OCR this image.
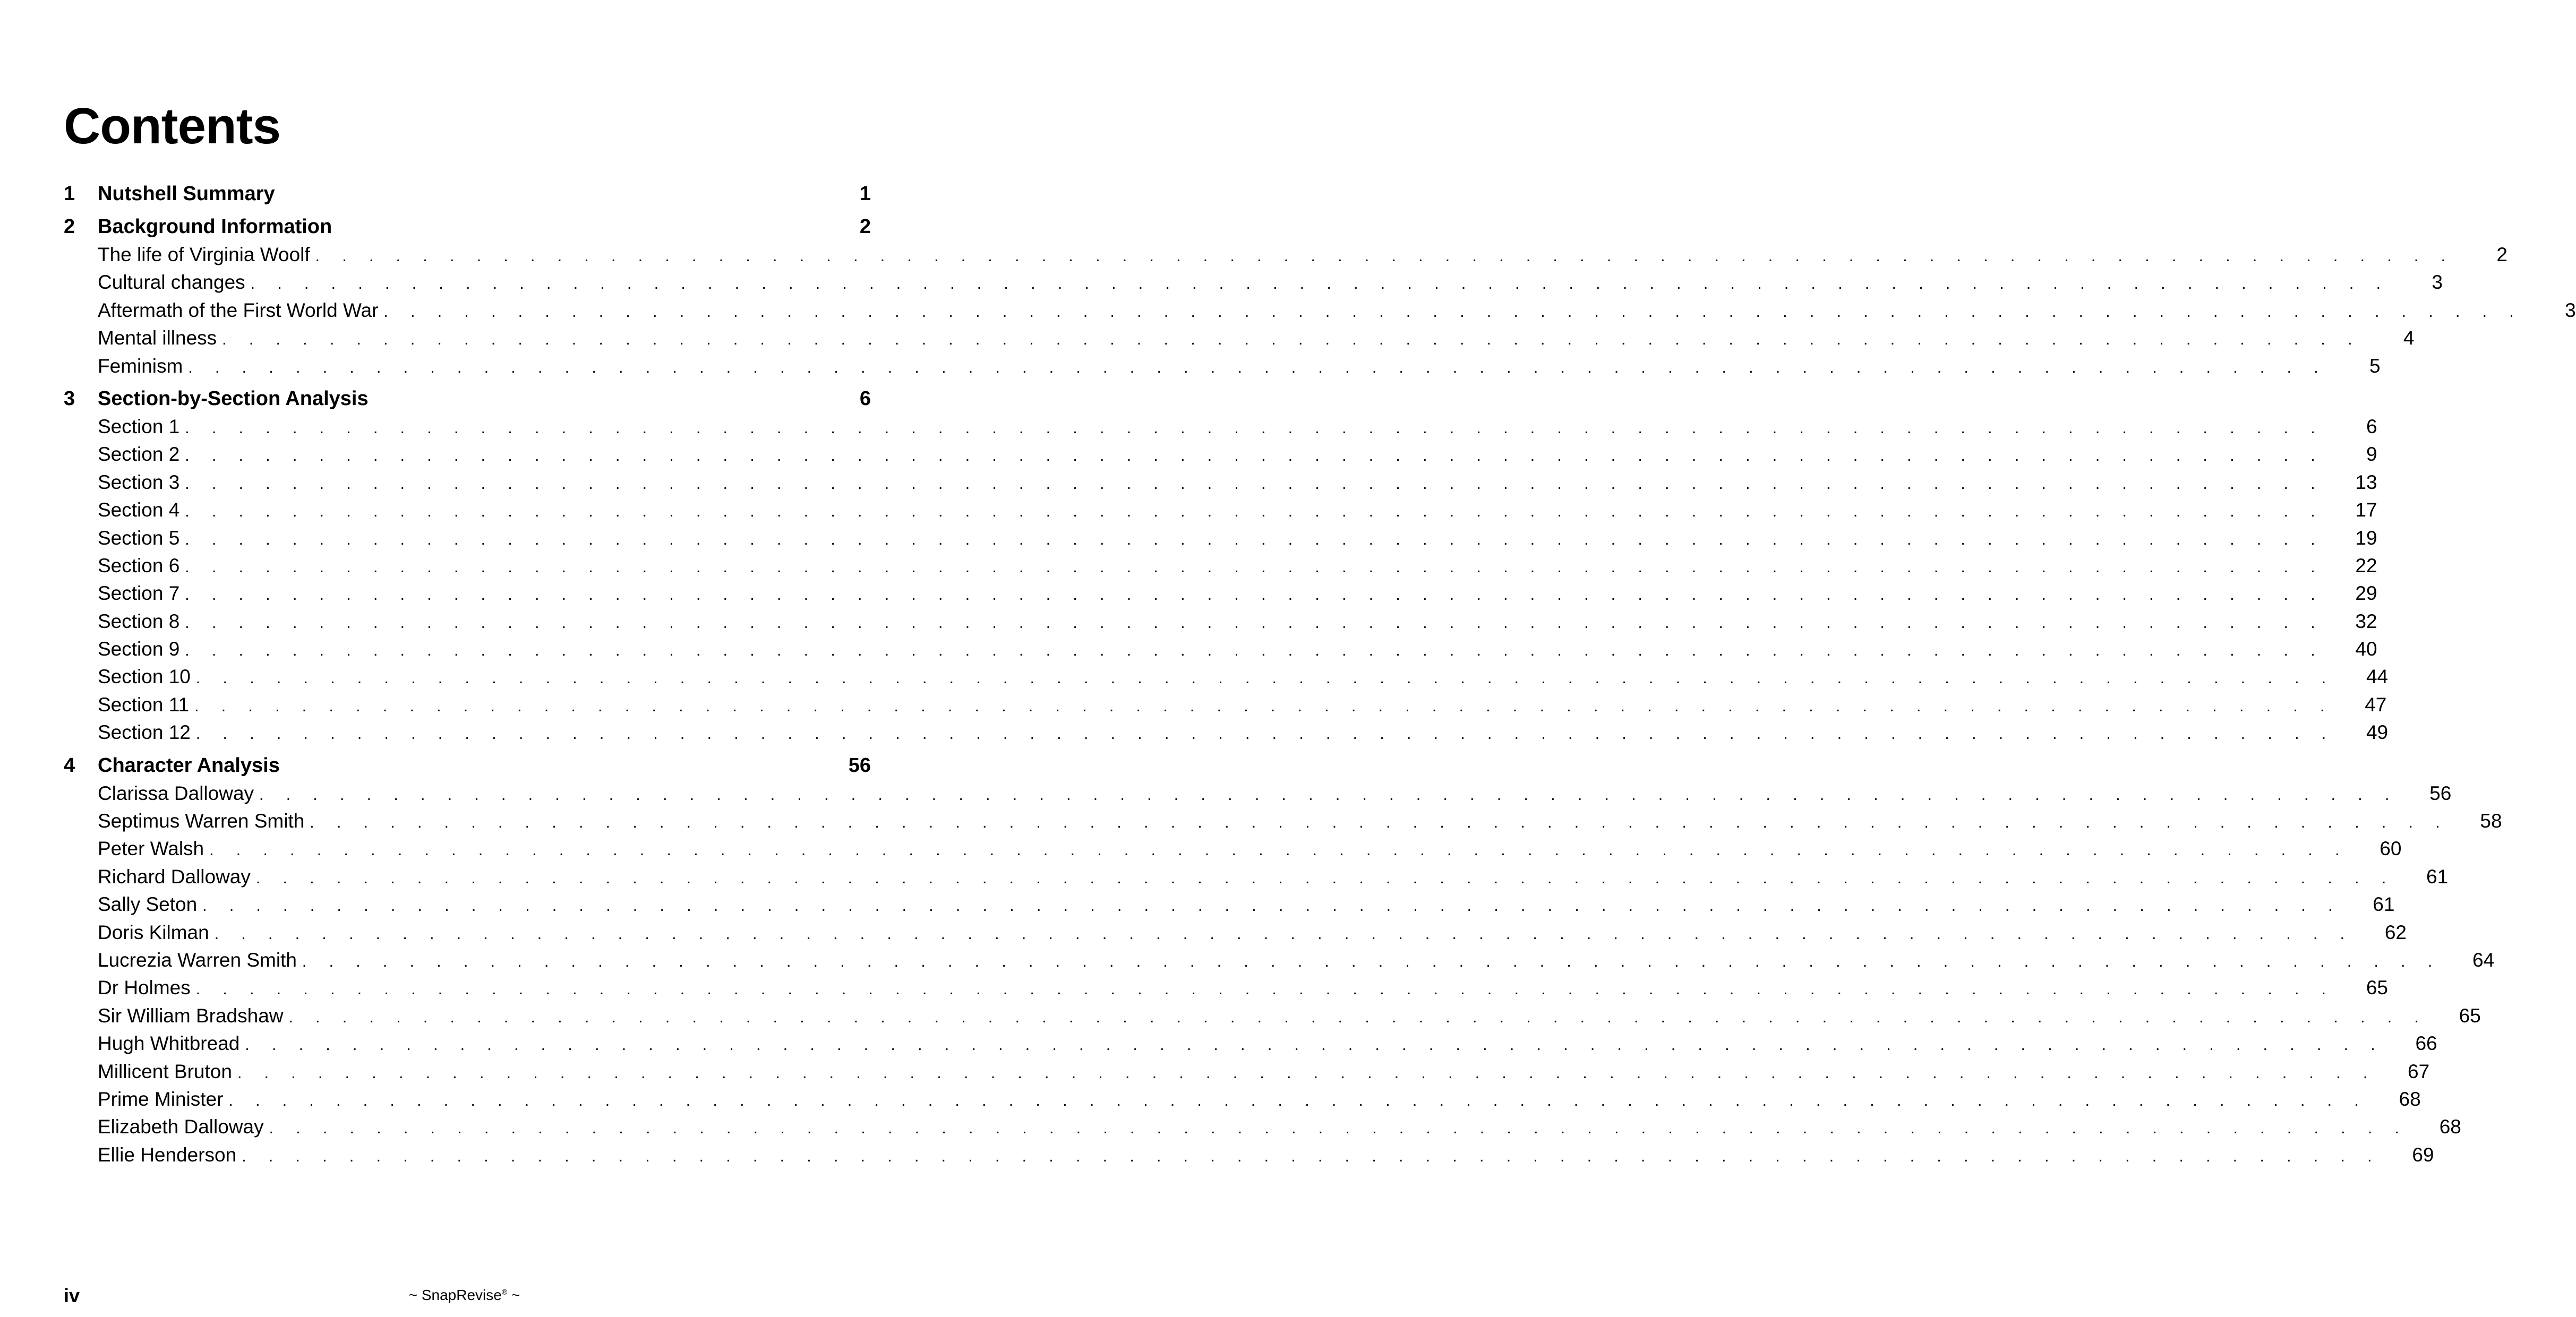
Contents
1	Nutshell Summary	1
2	Background Information	2
The life of Virginia Woolf . . . . . . . . . . . . . . . . . . . . . . . . . . . . . . . . . . . . . . . . . . . . . . . . . . . . . . . . . . . . . . . . . . . . . . . . . . . . . . . .	2
Cultural changes . . . . . . . . . . . . . . . . . . . . . . . . . . . . . . . . . . . . . . . . . . . . . . . . . . . . . . . . . . . . . . . . . . . . . . . . . . . . . . . .	3
Aftermath of the First World War . . . . . . . . . . . . . . . . . . . . . . . . . . . . . . . . . . . . . . . . . . . . . . . . . . . . . . . . . . . . . . . . . . . . . . . . . . . . . . . .	3
Mental illness . . . . . . . . . . . . . . . . . . . . . . . . . . . . . . . . . . . . . . . . . . . . . . . . . . . . . . . . . . . . . . . . . . . . . . . . . . . . . . . .	4
Feminism . . . . . . . . . . . . . . . . . . . . . . . . . . . . . . . . . . . . . . . . . . . . . . . . . . . . . . . . . . . . . . . . . . . . . . . . . . . . . . . .	5
3	Section-by-Section Analysis	6
Section 1 . . . . . . . . . . . . . . . . . . . . . . . . . . . . . . . . . . . . . . . . . . . . . . . . . . . . . . . . . . . . . . . . . . . . . . . . . . . . . . . .	6
Section 2 . . . . . . . . . . . . . . . . . . . . . . . . . . . . . . . . . . . . . . . . . . . . . . . . . . . . . . . . . . . . . . . . . . . . . . . . . . . . . . . .	9
Section 3 . . . . . . . . . . . . . . . . . . . . . . . . . . . . . . . . . . . . . . . . . . . . . . . . . . . . . . . . . . . . . . . . . . . . . . . . . . . . . . . .	13
Section 4 . . . . . . . . . . . . . . . . . . . . . . . . . . . . . . . . . . . . . . . . . . . . . . . . . . . . . . . . . . . . . . . . . . . . . . . . . . . . . . . .	17
Section 5 . . . . . . . . . . . . . . . . . . . . . . . . . . . . . . . . . . . . . . . . . . . . . . . . . . . . . . . . . . . . . . . . . . . . . . . . . . . . . . . .	19
Section 6 . . . . . . . . . . . . . . . . . . . . . . . . . . . . . . . . . . . . . . . . . . . . . . . . . . . . . . . . . . . . . . . . . . . . . . . . . . . . . . . .	22
Section 7 . . . . . . . . . . . . . . . . . . . . . . . . . . . . . . . . . . . . . . . . . . . . . . . . . . . . . . . . . . . . . . . . . . . . . . . . . . . . . . . .	29
Section 8 . . . . . . . . . . . . . . . . . . . . . . . . . . . . . . . . . . . . . . . . . . . . . . . . . . . . . . . . . . . . . . . . . . . . . . . . . . . . . . . .	32
Section 9 . . . . . . . . . . . . . . . . . . . . . . . . . . . . . . . . . . . . . . . . . . . . . . . . . . . . . . . . . . . . . . . . . . . . . . . . . . . . . . . .	40
Section 10 . . . . . . . . . . . . . . . . . . . . . . . . . . . . . . . . . . . . . . . . . . . . . . . . . . . . . . . . . . . . . . . . . . . . . . . . . . . . . . . .	44
Section 11 . . . . . . . . . . . . . . . . . . . . . . . . . . . . . . . . . . . . . . . . . . . . . . . . . . . . . . . . . . . . . . . . . . . . . . . . . . . . . . . .	47
Section 12 . . . . . . . . . . . . . . . . . . . . . . . . . . . . . . . . . . . . . . . . . . . . . . . . . . . . . . . . . . . . . . . . . . . . . . . . . . . . . . . .	49
4	Character Analysis	56
Clarissa Dalloway . . . . . . . . . . . . . . . . . . . . . . . . . . . . . . . . . . . . . . . . . . . . . . . . . . . . . . . . . . . . . . . . . . . . . . . . . . . . . . . .	56
Septimus Warren Smith . . . . . . . . . . . . . . . . . . . . . . . . . . . . . . . . . . . . . . . . . . . . . . . . . . . . . . . . . . . . . . . . . . . . . . . . . . . . . . . .	58
Peter Walsh . . . . . . . . . . . . . . . . . . . . . . . . . . . . . . . . . . . . . . . . . . . . . . . . . . . . . . . . . . . . . . . . . . . . . . . . . . . . . . . .	60
Richard Dalloway . . . . . . . . . . . . . . . . . . . . . . . . . . . . . . . . . . . . . . . . . . . . . . . . . . . . . . . . . . . . . . . . . . . . . . . . . . . . . . . .	61
Sally Seton . . . . . . . . . . . . . . . . . . . . . . . . . . . . . . . . . . . . . . . . . . . . . . . . . . . . . . . . . . . . . . . . . . . . . . . . . . . . . . . .	61
Doris Kilman . . . . . . . . . . . . . . . . . . . . . . . . . . . . . . . . . . . . . . . . . . . . . . . . . . . . . . . . . . . . . . . . . . . . . . . . . . . . . . . .	62
Lucrezia Warren Smith . . . . . . . . . . . . . . . . . . . . . . . . . . . . . . . . . . . . . . . . . . . . . . . . . . . . . . . . . . . . . . . . . . . . . . . . . . . . . . . .	64
Dr Holmes . . . . . . . . . . . . . . . . . . . . . . . . . . . . . . . . . . . . . . . . . . . . . . . . . . . . . . . . . . . . . . . . . . . . . . . . . . . . . . . .	65
Sir William Bradshaw . . . . . . . . . . . . . . . . . . . . . . . . . . . . . . . . . . . . . . . . . . . . . . . . . . . . . . . . . . . . . . . . . . . . . . . . . . . . . . . .	65
Hugh Whitbread . . . . . . . . . . . . . . . . . . . . . . . . . . . . . . . . . . . . . . . . . . . . . . . . . . . . . . . . . . . . . . . . . . . . . . . . . . . . . . . .	66
Millicent Bruton . . . . . . . . . . . . . . . . . . . . . . . . . . . . . . . . . . . . . . . . . . . . . . . . . . . . . . . . . . . . . . . . . . . . . . . . . . . . . . . .	67
Prime Minister . . . . . . . . . . . . . . . . . . . . . . . . . . . . . . . . . . . . . . . . . . . . . . . . . . . . . . . . . . . . . . . . . . . . . . . . . . . . . . . .	68
Elizabeth Dalloway . . . . . . . . . . . . . . . . . . . . . . . . . . . . . . . . . . . . . . . . . . . . . . . . . . . . . . . . . . . . . . . . . . . . . . . . . . . . . . . .	68
Ellie Henderson . . . . . . . . . . . . . . . . . . . . . . . . . . . . . . . . . . . . . . . . . . . . . . . . . . . . . . . . . . . . . . . . . . . . . . . . . . . . . . . .	69
iv	~ SnapRevise® ~
